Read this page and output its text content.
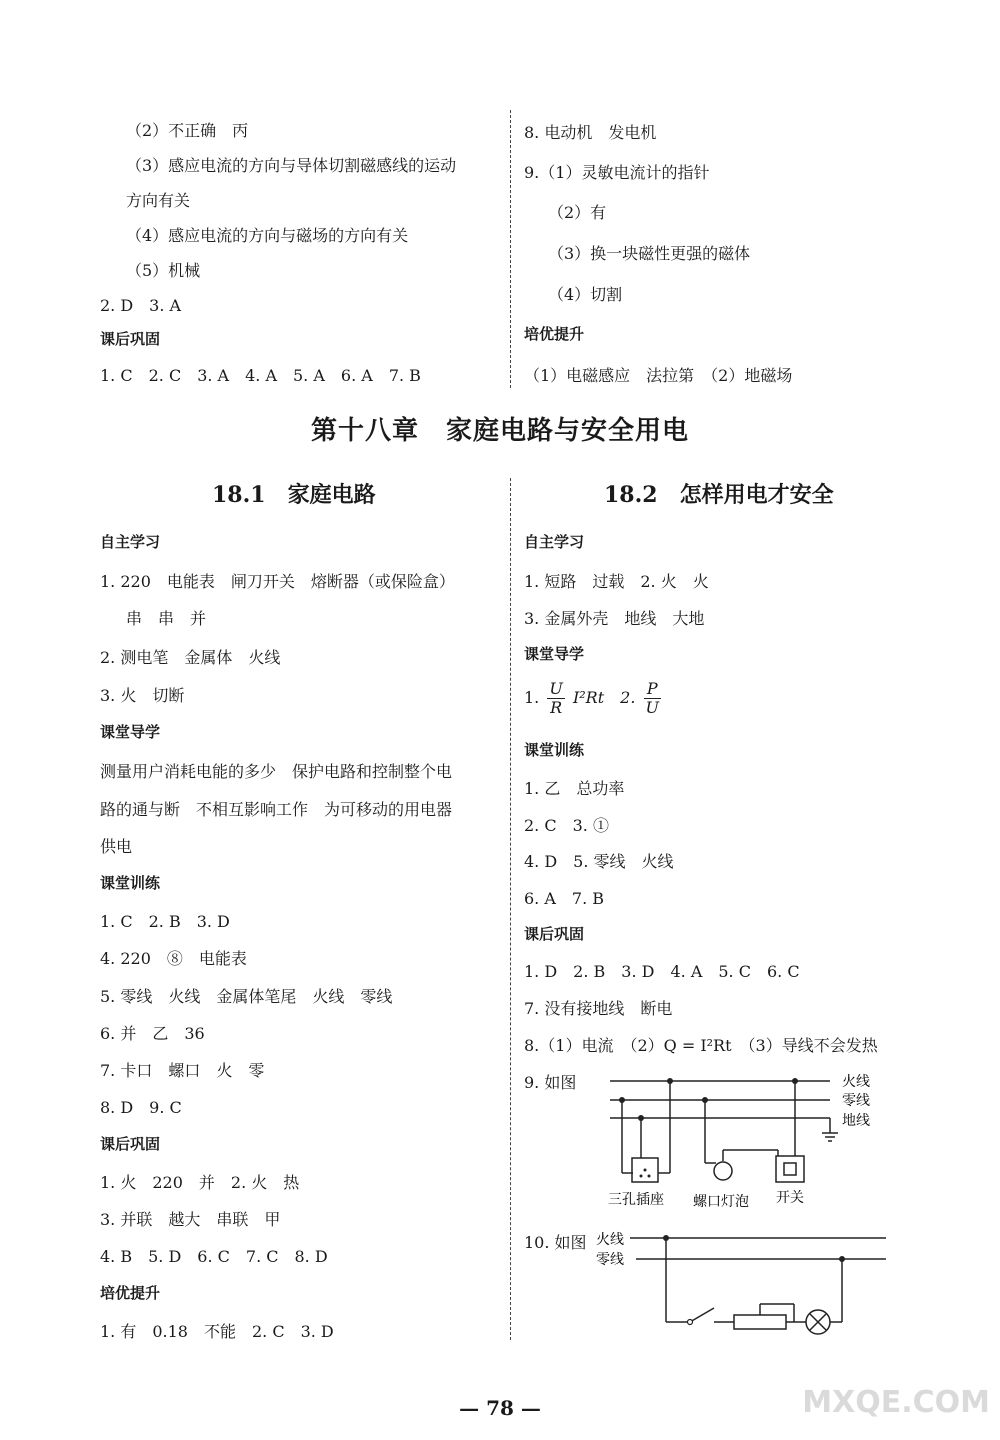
（2）不正确　丙
（3）感应电流的方向与导体切割磁感线的运动
方向有关
（4）感应电流的方向与磁场的方向有关
（5）机械
2. D　3. A
课后巩固
1. C　2. C　3. A　4. A　5. A　6. A　7. B
8. 电动机　发电机
9.（1）灵敏电流计的指针
（2）有
（3）换一块磁性更强的磁体
（4）切割
培优提升
（1）电磁感应　法拉第　（2）地磁场
第十八章　家庭电路与安全用电
18.1　家庭电路	18.2　怎样用电才安全
自主学习
1. 220　电能表　闸刀开关　熔断器（或保险盒）
串　串　并
2. 测电笔　金属体　火线
3. 火　切断
课堂导学
测量用户消耗电能的多少　保护电路和控制整个电
路的通与断　不相互影响工作　为可移动的用电器
供电
课堂训练
1. C　2. B　3. D
4. 220　⑧　电能表
5. 零线　火线　金属体笔尾　火线　零线
6. 并　乙　36
7. 卡口　螺口　火　零
8. D　9. C
课后巩固
1. 火　220　并　2. 火　热
3. 并联　越大　串联　甲
4. B　5. D　6. C　7. C　8. D
培优提升
1. 有　0.18　不能　2. C　3. D
自主学习
1. 短路　过载　2. 火　火
3. 金属外壳　地线　大地
课堂导学
1. $\frac{U}{R} I^2Rt$　2. $\frac{P}{U}$
课堂训练
1. 乙　总功率
2. C　3. ①
4. D　5. 零线　火线
6. A　7. B
课后巩固
1. D　2. B　3. D　4. A　5. C　6. C
7. 没有接地线　断电
8.（1）电流　（2）Q = I²Rt　（3）导线不会发热
9. 如图
10. 如图
火线
零线
地线
三孔插座 螺口灯泡 开关
火线
零线
— 78 —	MXQE.COM
